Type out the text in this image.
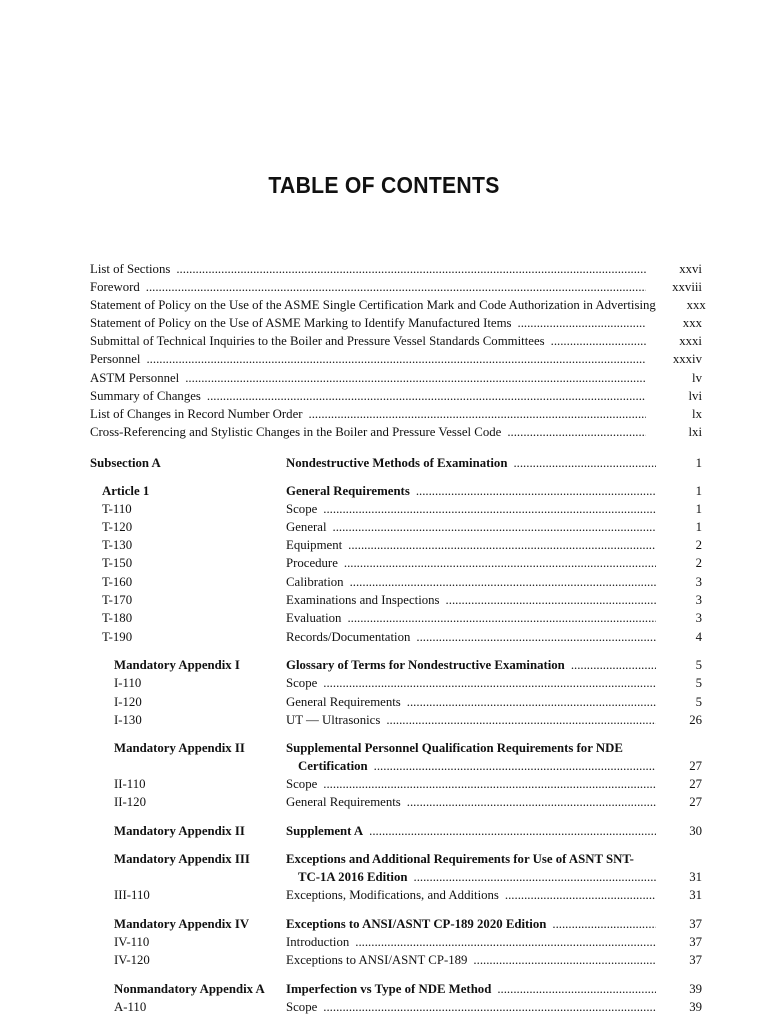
TABLE OF CONTENTS
List of Sections . . .	xxvi
Foreword . . .	xxviii
Statement of Policy on the Use of the ASME Single Certification Mark and Code Authorization in Advertising	xxx
Statement of Policy on the Use of ASME Marking to Identify Manufactured Items . . .	xxx
Submittal of Technical Inquiries to the Boiler and Pressure Vessel Standards Committees . . .	xxxi
Personnel . . .	xxxiv
ASTM Personnel . . .	lv
Summary of Changes . . .	lvi
List of Changes in Record Number Order . . .	lx
Cross-Referencing and Stylistic Changes in the Boiler and Pressure Vessel Code . . .	lxi
Subsection A	Nondestructive Methods of Examination . . .	1
Article 1	General Requirements . . .	1
T-110	Scope . . .	1
T-120	General . . .	1
T-130	Equipment . . .	2
T-150	Procedure . . .	2
T-160	Calibration . . .	3
T-170	Examinations and Inspections . . .	3
T-180	Evaluation . . .	3
T-190	Records/Documentation . . .	4
Mandatory Appendix I	Glossary of Terms for Nondestructive Examination . . .	5
I-110	Scope . . .	5
I-120	General Requirements . . .	5
I-130	UT — Ultrasonics . . .	26
Mandatory Appendix II	Supplemental Personnel Qualification Requirements for NDE
Certification . . .	27
II-110	Scope . . .	27
II-120	General Requirements . . .	27
Mandatory Appendix II	Supplement A . . .	30
Mandatory Appendix III	Exceptions and Additional Requirements for Use of ASNT SNT-
TC-1A 2016 Edition . . .	31
III-110	Exceptions, Modifications, and Additions . . .	31
Mandatory Appendix IV	Exceptions to ANSI/ASNT CP-189 2020 Edition . . .	37
IV-110	Introduction . . .	37
IV-120	Exceptions to ANSI/ASNT CP-189 . . .	37
Nonmandatory Appendix A Imperfection vs Type of NDE Method . . .	39
A-110	Scope . . .	39
